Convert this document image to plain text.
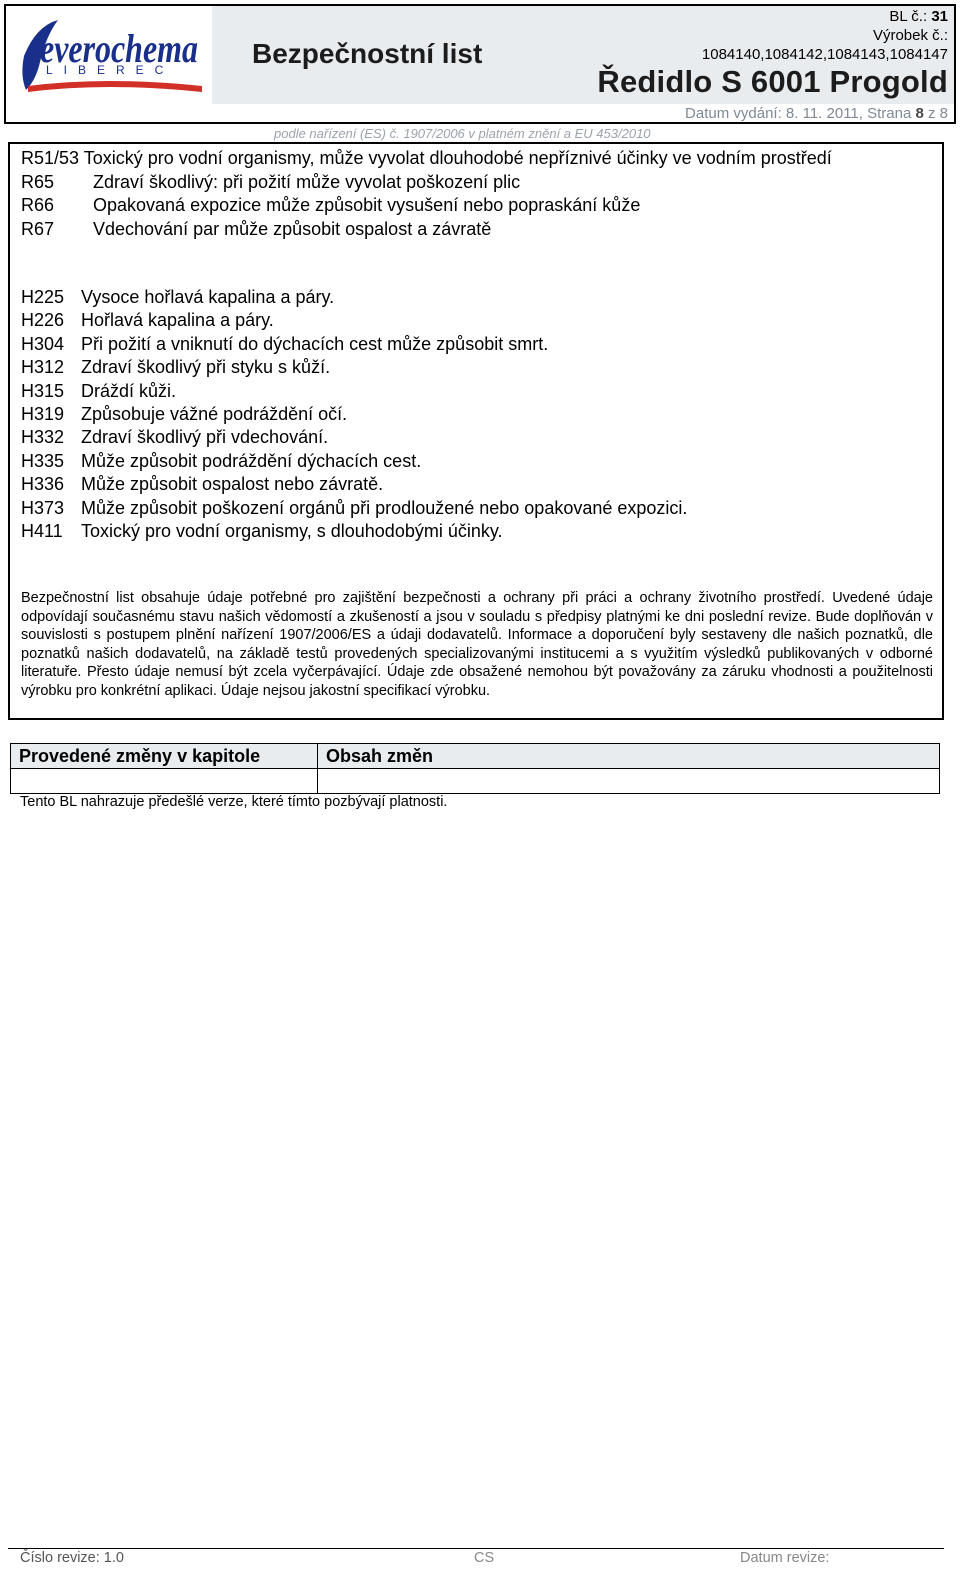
everochema
LIBEREC
Bezpečnostní list
BL č.: 31
Výrobek č.:
1084140,1084142,1084143,1084147
Ředidlo S 6001 Progold
Datum vydání: 8. 11. 2011, Strana 8 z 8
podle nařízení (ES) č. 1907/2006 v platném znění a EU 453/2010
R51/53 Toxický pro vodní organismy, může vyvolat dlouhodobé nepříznivé účinky ve vodním prostředí
R65	Zdraví škodlivý: při požití může vyvolat poškození plic
R66	Opakovaná expozice může způsobit vysušení nebo popraskání kůže
R67	Vdechování par může způsobit ospalost a závratě
H225 Vysoce hořlavá kapalina a páry.
H226 Hořlavá kapalina a páry.
H304 Při požití a vniknutí do dýchacích cest může způsobit smrt.
H312 Zdraví škodlivý při styku s kůží.
H315 Dráždí kůži.
H319 Způsobuje vážné podráždění očí.
H332 Zdraví škodlivý při vdechování.
H335 Může způsobit podráždění dýchacích cest.
H336 Může způsobit ospalost nebo závratě.
H373 Může způsobit poškození orgánů při prodloužené nebo opakované expozici.
H411	Toxický pro vodní organismy, s dlouhodobými účinky.
Bezpečnostní list obsahuje údaje potřebné pro zajištění bezpečnosti a ochrany při práci a ochrany životního prostředí. Uvedené údaje odpovídají současnému stavu našich vědomostí a zkušeností a jsou v souladu s předpisy platnými ke dni poslední revize. Bude doplňován v souvislosti s postupem plnění nařízení 1907/2006/ES a údaji dodavatelů. Informace a doporučení byly sestaveny dle našich poznatků, dle poznatků našich dodavatelů, na základě testů provedených specializovanými institucemi a s využitím výsledků publikovaných v odborné literatuře. Přesto údaje nemusí být zcela vyčerpávající. Údaje zde obsažené nemohou být považovány za záruku vhodnosti a použitelnosti výrobku pro konkrétní aplikaci. Údaje nejsou jakostní specifikací výrobku.
Provedené změny v kapitole	Obsah změn

Tento BL nahrazuje předešlé verze, které tímto pozbývají platnosti.
Číslo revize: 1.0	CS	Datum revize:
